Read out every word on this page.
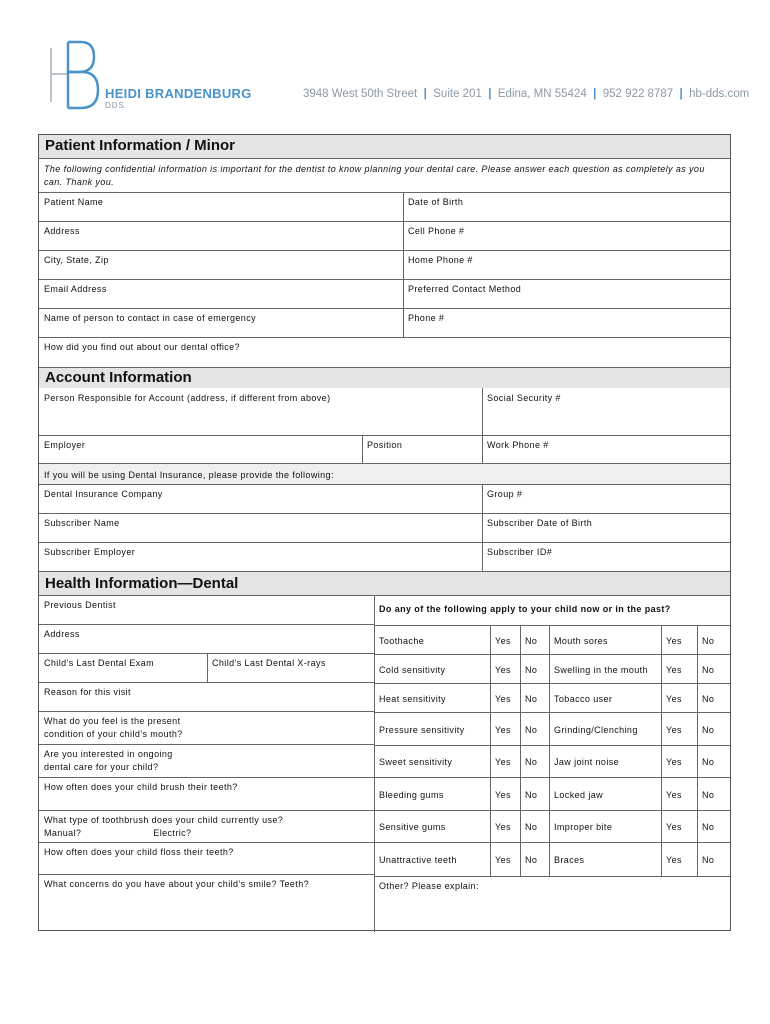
HEIDI BRANDENBURG
DDS
3948 West 50th Street  |  Suite 201  |  Edina, MN 55424  |  952 922 8787  |  hb-dds.com
Patient Information / Minor
The following confidential information is important for the dentist to know planning your dental care. Please answer each question as completely as you can. Thank you.
Patient Name	Date of Birth
Address	Cell Phone #
City, State, Zip	Home Phone #
Email Address	Preferred Contact Method
Name of person to contact in case of emergency	Phone #
How did you find out about our dental office?
Account Information
Person Responsible for Account (address, if different from above)	Social Security #
Employer	Position	Work Phone #
If you will be using Dental Insurance, please provide the following:
Dental Insurance Company	Group #
Subscriber Name	Subscriber Date of Birth
Subscriber Employer	Subscriber ID#
Health Information—Dental
Previous Dentist
Address
Child’s Last Dental Exam	Child’s Last Dental X-rays
Reason for this visit
What do you feel is the present
condition of your child’s mouth?
Are you interested in ongoing
dental care for your child?
How often does your child brush their teeth?
What type of toothbrush does your child currently use?
Manual?	Electric?
How often does your child floss their teeth?
What concerns do you have about your child’s smile? Teeth?
Do any of the following apply to your child now or in the past?
Other? Please explain:
Toothache	Yes	No	Mouth sores	Yes	No
Cold sensitivity	Yes	No	Swelling in the mouth	Yes	No
Heat sensitivity	Yes	No	Tobacco user	Yes	No
Pressure sensitivity	Yes	No	Grinding/Clenching	Yes	No
Sweet sensitivity	Yes	No	Jaw joint noise	Yes	No
Bleeding gums	Yes	No	Locked jaw	Yes	No
Sensitive gums	Yes	No	Improper bite	Yes	No
Unattractive teeth	Yes	No	Braces	Yes	No
